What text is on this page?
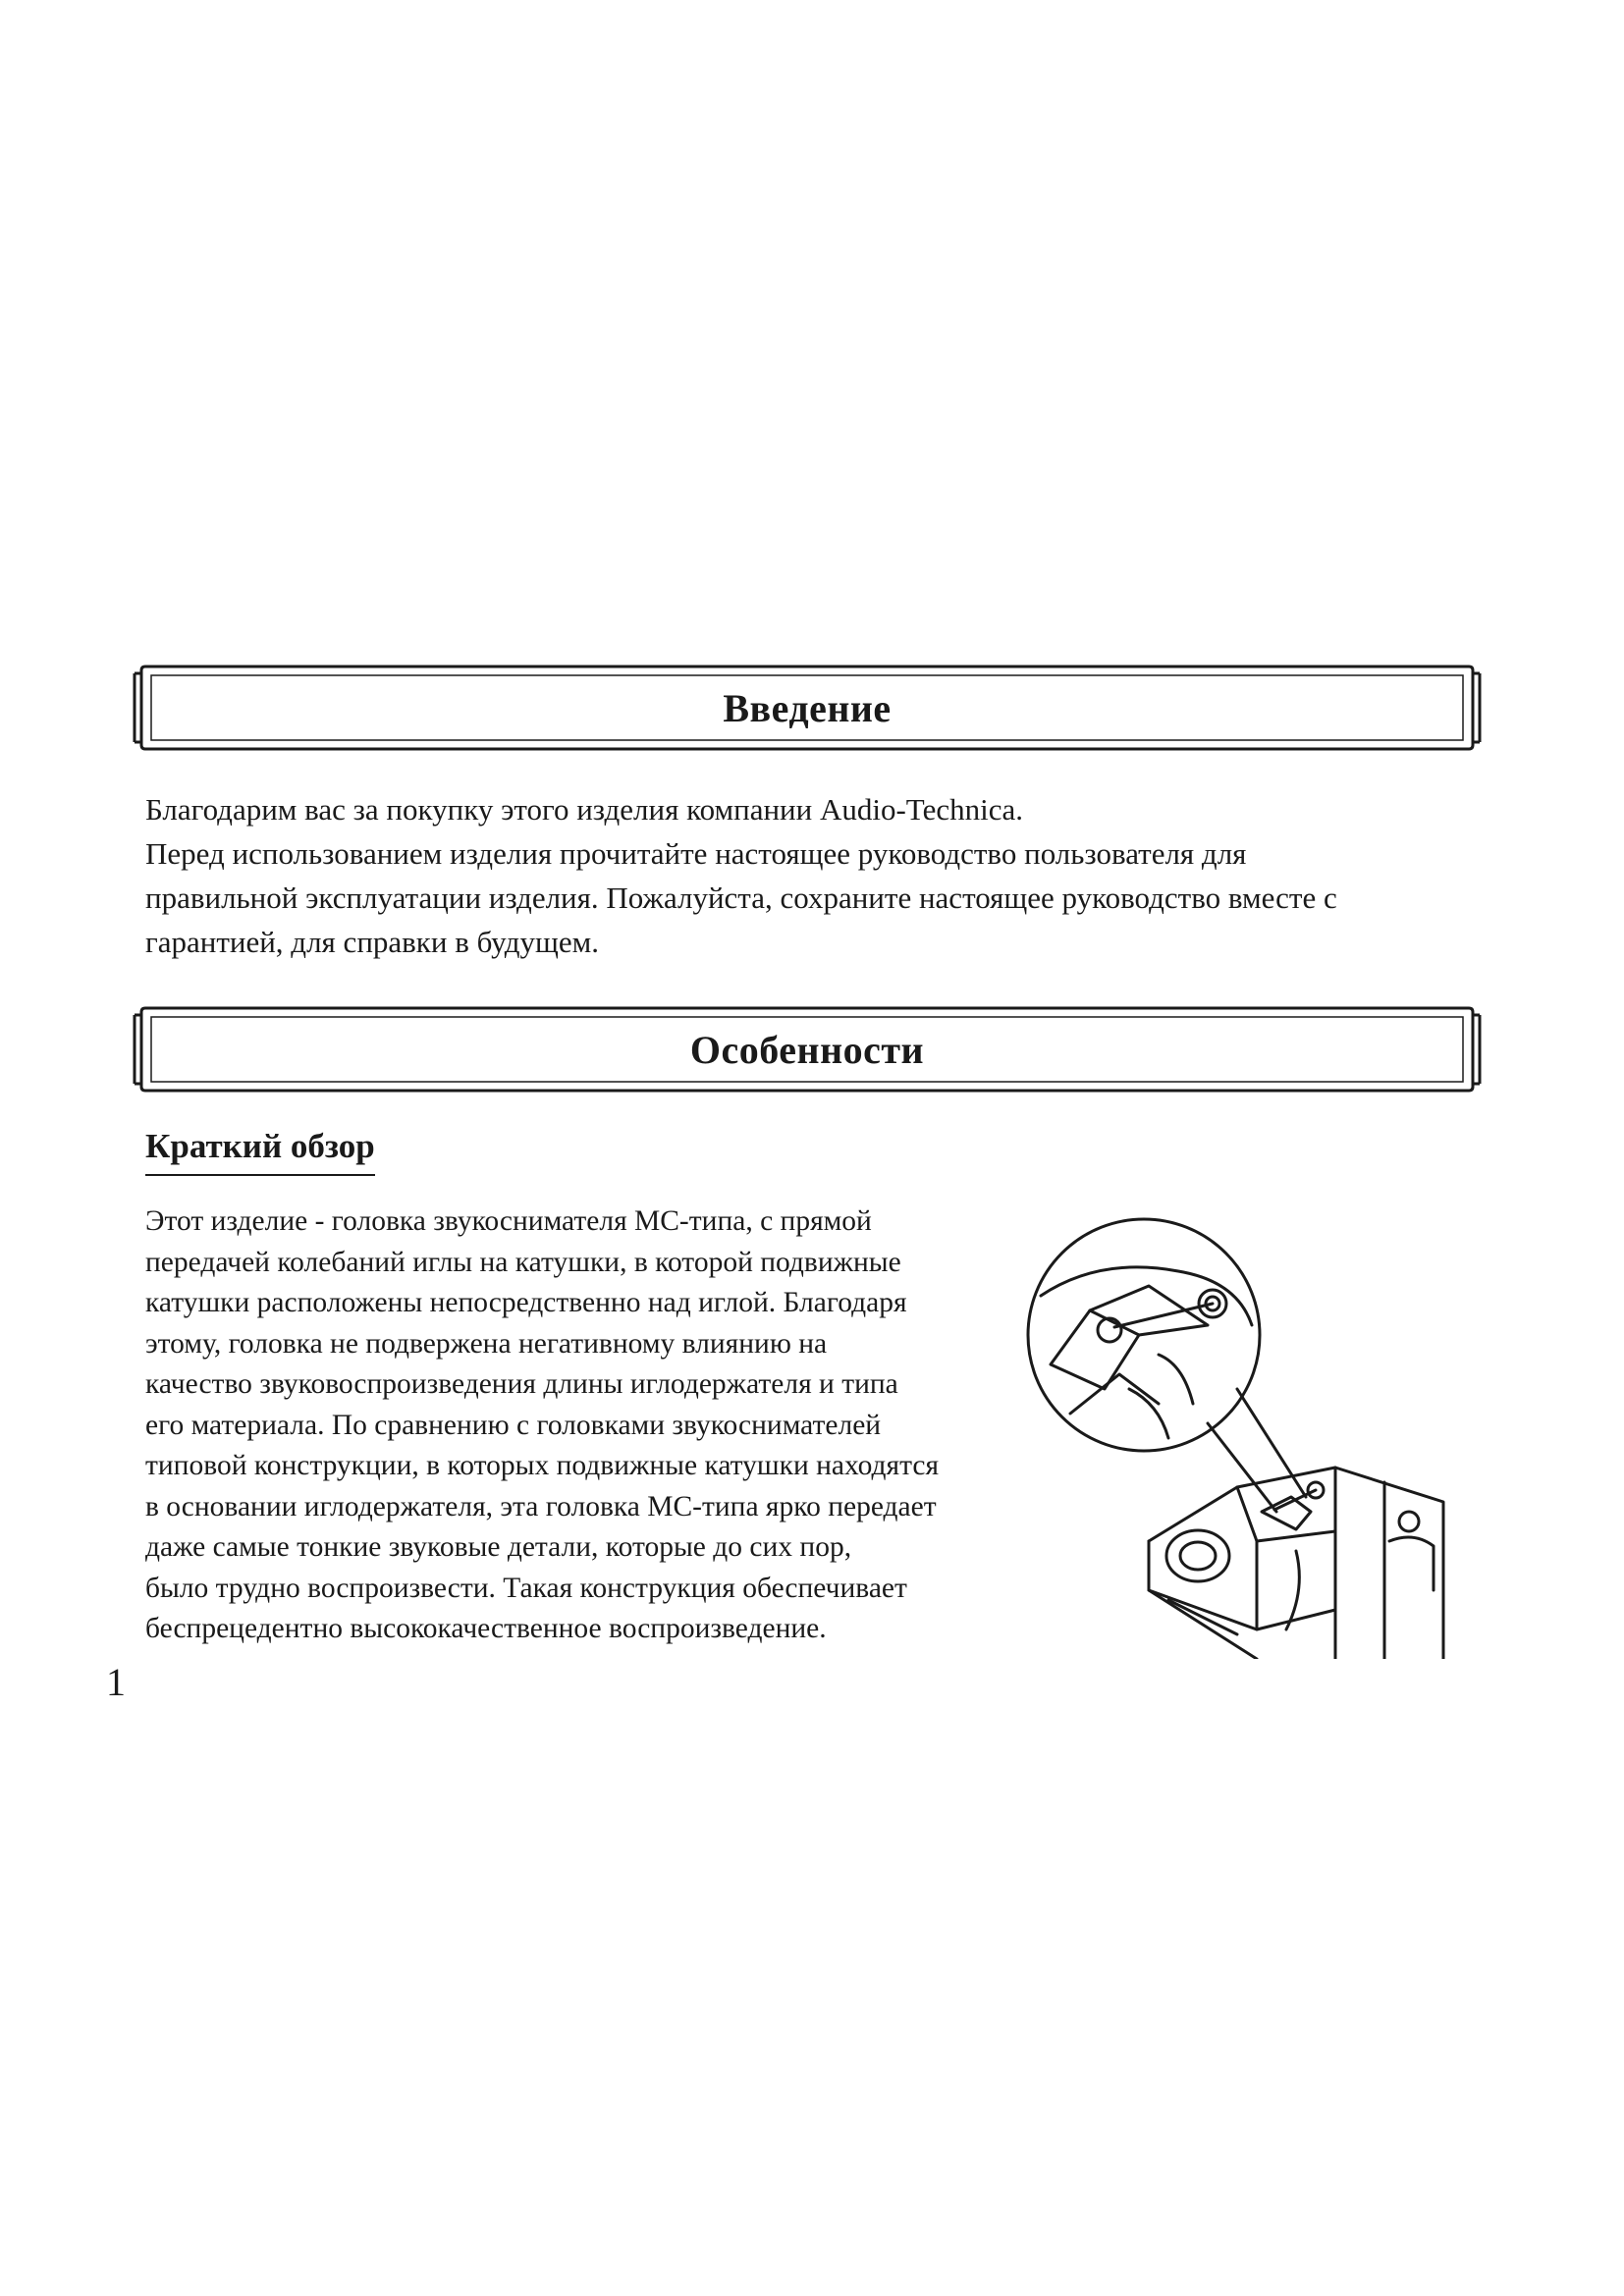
Введение

Благодарим вас за покупку этого изделия компании Audio-Technica.
Перед использованием изделия прочитайте настоящее руководство пользователя для
правильной эксплуатации изделия. Пожалуйста, сохраните настоящее руководство вместе с
гарантией, для справки в будущем.

Особенности
Краткий обзор

Этот изделие - головка звукоснимателя МС-типа, с прямой
передачей колебаний иглы на катушки, в которой подвижные
катушки расположены непосредственно над иглой. Благодаря
этому, головка не подвержена негативному влиянию на
качество звуковоспроизведения длины иглодержателя и типа
его материала. По сравнению с головками звукоснимателей
типовой конструкции, в которых подвижные катушки находятся
в основании иглодержателя, эта головка МС-типа ярко передает
даже самые тонкие звуковые детали, которые до сих пор,
было трудно воспроизвести. Такая конструкция обеспечивает
беспрецедентно высококачественное воспроизведение.

1
